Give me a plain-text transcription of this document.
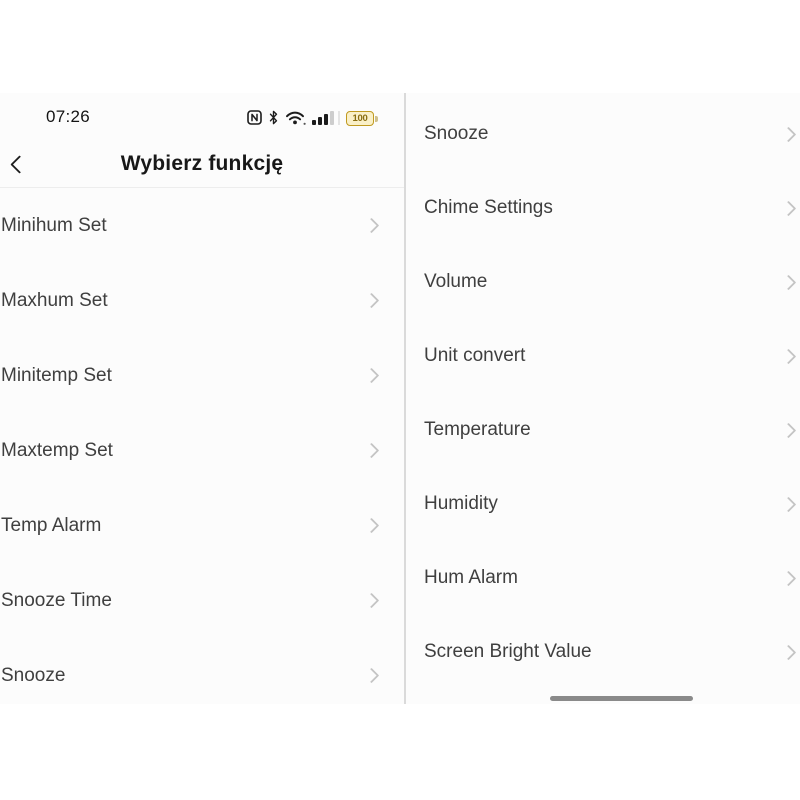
07:26	100
Wybierz funkcję
Minihum Set
Maxhum Set
Minitemp Set
Maxtemp Set
Temp Alarm
Snooze Time
Snooze
Snooze
Chime Settings
Volume
Unit convert
Temperature
Humidity
Hum Alarm
Screen Bright Value
